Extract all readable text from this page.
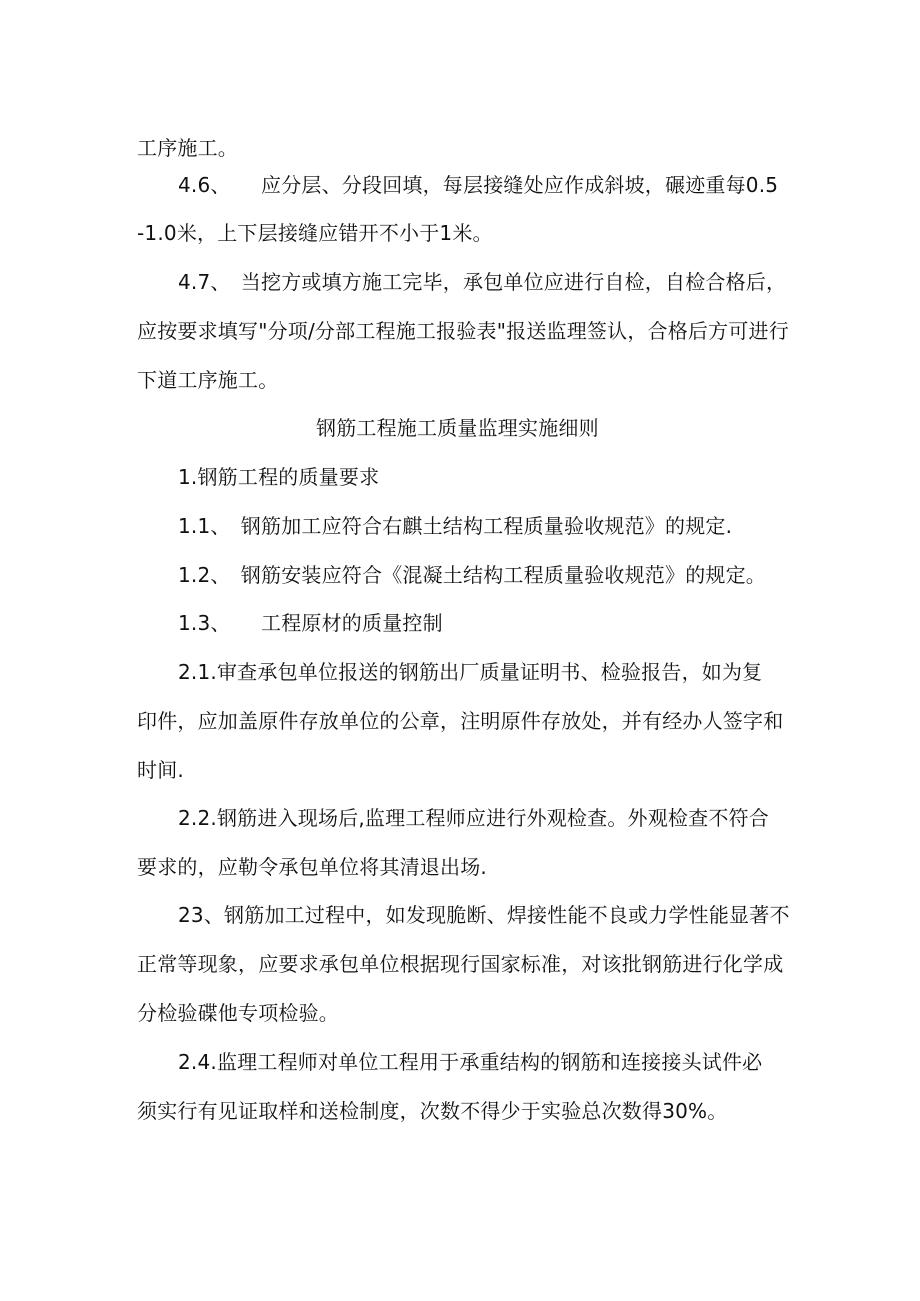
工序施工。
4.6、　　应分层、分段回填，每层接缝处应作成斜坡，碾迹重每0.5
-1.0米，上下层接缝应错开不小于1米。
4.7、　当挖方或填方施工完毕，承包单位应进行自检，自检合格后，
应按要求填写"分项/分部工程施工报验表"报送监理签认，合格后方可进行
下道工序施工。
钢筋工程施工质量监理实施细则
1.钢筋工程的质量要求
1.1、　钢筋加工应符合右麒土结构工程质量验收规范》的规定.
1.2、　钢筋安装应符合《混凝土结构工程质量验收规范》的规定。
1.3、　　工程原材的质量控制
2.1.审查承包单位报送的钢筋出厂质量证明书、检验报告，如为复
印件，应加盖原件存放单位的公章，注明原件存放处，并有经办人签字和
时间.
2.2.钢筋进入现场后,监理工程师应进行外观检查。外观检查不符合
要求的，应勒令承包单位将其清退出场.
23、钢筋加工过程中，如发现脆断、焊接性能不良或力学性能显著不
正常等现象，应要求承包单位根据现行国家标准，对该批钢筋进行化学成
分检验碟他专项检验。
2.4.监理工程师对单位工程用于承重结构的钢筋和连接接头试件必
须实行有见证取样和送检制度，次数不得少于实验总次数得30%。
